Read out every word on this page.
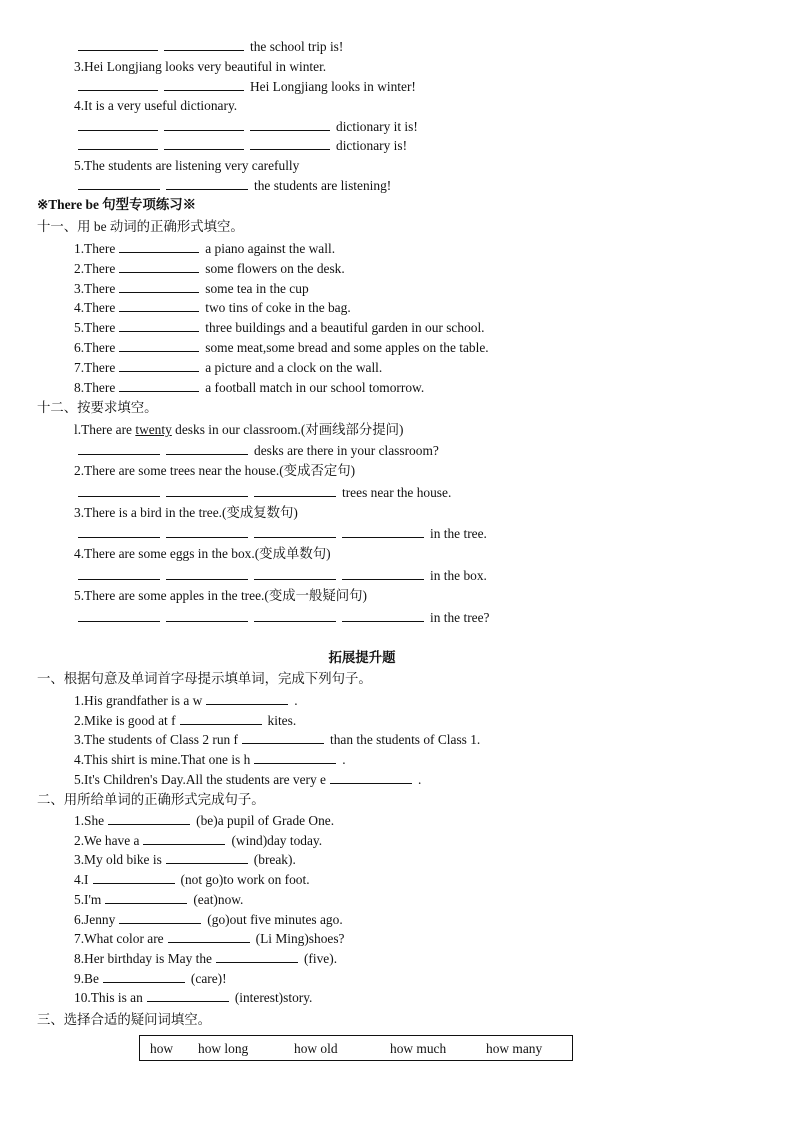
the school trip is!
3.Hei Longjiang looks very beautiful in winter.
Hei Longjiang looks in winter!
4.It is a very useful dictionary.
dictionary it is!
dictionary is!
5.The students are listening very carefully
the students are listening!
※There be 句型专项练习※
十一、用 be 动词的正确形式填空。
1.There	a piano against the wall.
2.There	some flowers on the desk.
3.There	some tea in the cup
4.There	two tins of coke in the bag.
5.There	three buildings and a beautiful garden in our school.
6.There	some meat,some bread and some apples on the table.
7.There	a picture and a clock on the wall.
8.There	a football match in our school tomorrow.
十二、按要求填空。
l.There are twenty desks in our classroom.(对画线部分提问)
desks are there in your classroom?
2.There are some trees near the house.(变成否定句)
trees near the house.
3.There is a bird in the tree.(变成复数句)
in the tree.
4.There are some eggs in the box.(变成单数句)
in the box.
5.There are some apples in the tree.(变成一般疑问句)
in the tree?
拓展提升题
一、根据句意及单词首字母提示填单词，完成下列句子。
1.His grandfather is a w	.
2.Mike is good at f	kites.
3.The students of Class 2 run f	than the students of Class 1.
4.This shirt is mine.That one is h	.
5.It's Children's Day.All the students are very e	.
二、用所给单词的正确形式完成句子。
1.She	(be)a pupil of Grade One.
2.We have a	(wind)day today.
3.My old bike is	(break).
4.I	(not go)to work on foot.
5.I'm	(eat)now.
6.Jenny	(go)out five minutes ago.
7.What color are	(Li Ming)shoes?
8.Her birthday is May the	(five).
9.Be	(care)!
10.This is an	(interest)story.
三、选择合适的疑问词填空。
how how long	how old	how much	how many
